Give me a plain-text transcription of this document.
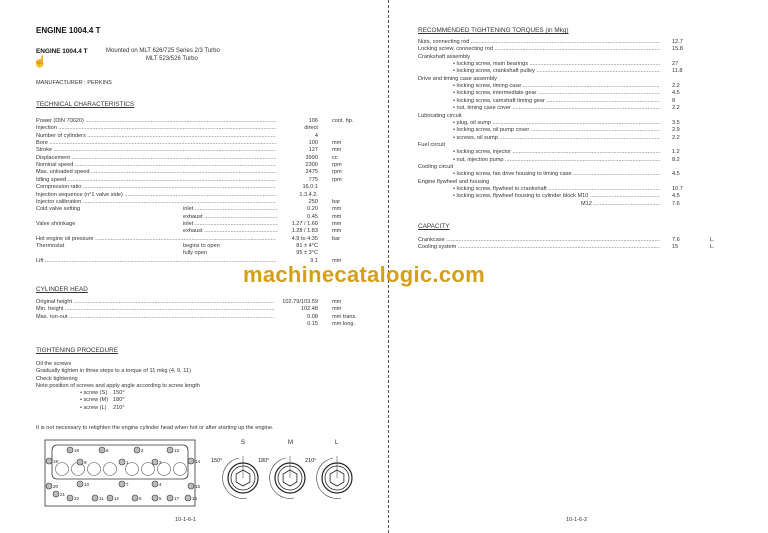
ENGINE 1004.4 T
ENGINE 1004.4 T
☝
Mounted on MLT 626/725 Series 2/3 Turbo
MLT 523/526 Turbo
MANUFACTURER : PERKINS
TECHNICAL CHARACTERISTICS
Power (DIN 70020) .....	106	cont. hp.
Injection .....	direct
Number of cylinders .....	4
Bore .....	100	mm
Stroke .....	127	mm
Displacement .....	3990	cc
Nominal speed .....	2300	rpm
Max. unloaded speed .....	2475	rpm
Idling speed .....	775	rpm
Compression ratio .....	16.0:1
Injection sequence (n°1 valve side) .....	1.3.4.2.
Injector calibration .....	250	bar
Cold valve setting	inlet .....	0.20	mm
exhaust .....	0.45	mm
Valve shrinkage	inlet .....	1.27 / 1.60	mm
exhaust .....	1.28 / 1.83	mm
Hot engine oil pressure .....	4.9 to 4.35	bar
Thermostat	begins to open	81 ± 4°C
fully open	95 ± 3°C
Lift .....	9.1	mm
CYLINDER HEAD
Original height .....	102.79/103.59	mm
Min. height .....	102.48	mm
Max. run-out .....	0.08	mm trans.
0.15	mm long.
TIGHTENING PROCEDURE
Oil the screws
Gradually tighten in three steps to a torque of 11 mkg (4, 9, 11)
Check tightening
Note position of screws and apply angle according to screw length
• screw (S) 150°
• screw (M) 180°
• screw (L) 210°
It is not necessary to retighten the engine cylinder head when hot or after starting up the engine.
18	8	2	13
9	1	3
19	14
20	10	7	4	15
21
22	11 12	6	5	17	16
S
150°
M
180°
L
210°
10-1-6-1
RECOMMENDED TIGHTENING TORQUES (in Mkg)
Nuts, connecting rod .....	12.7
Locking screw, connecting rod .....	15.8
Crankshaft assembly
• locking screw, main bearings .....	27
• locking screw, crankshaft pulley .....	11.8
Drive and timing case assembly
• locking screw, timing case .....	2.2
• locking screw, intermediate gear .....	4.5
• locking screw, camshaft timing gear .....	8
• nut, timing case cover .....	2.2
Lubricating circuit
• plug, oil sump .....	3.5
• locking screw, oil pump cover .....	2.9
• screws, oil sump .....	2.2
Fuel circuit
• locking screw, injector .....	1.2
• nut, injection pump .....	8.2
Cooling circuit
• locking screw, fan drive housing to timing case .....	4.5
Engine flywheel and housing
• locking screw, flywheel to crankshaft .....	10.7
• locking screw, flywheel housing to cylinder block M10 .....	4.5
M12 .....	7.6
CAPACITY
Crankcase .....	7.6	L.
Cooling system .....	15	L.
10-1-6-2
machinecatalogic.com
